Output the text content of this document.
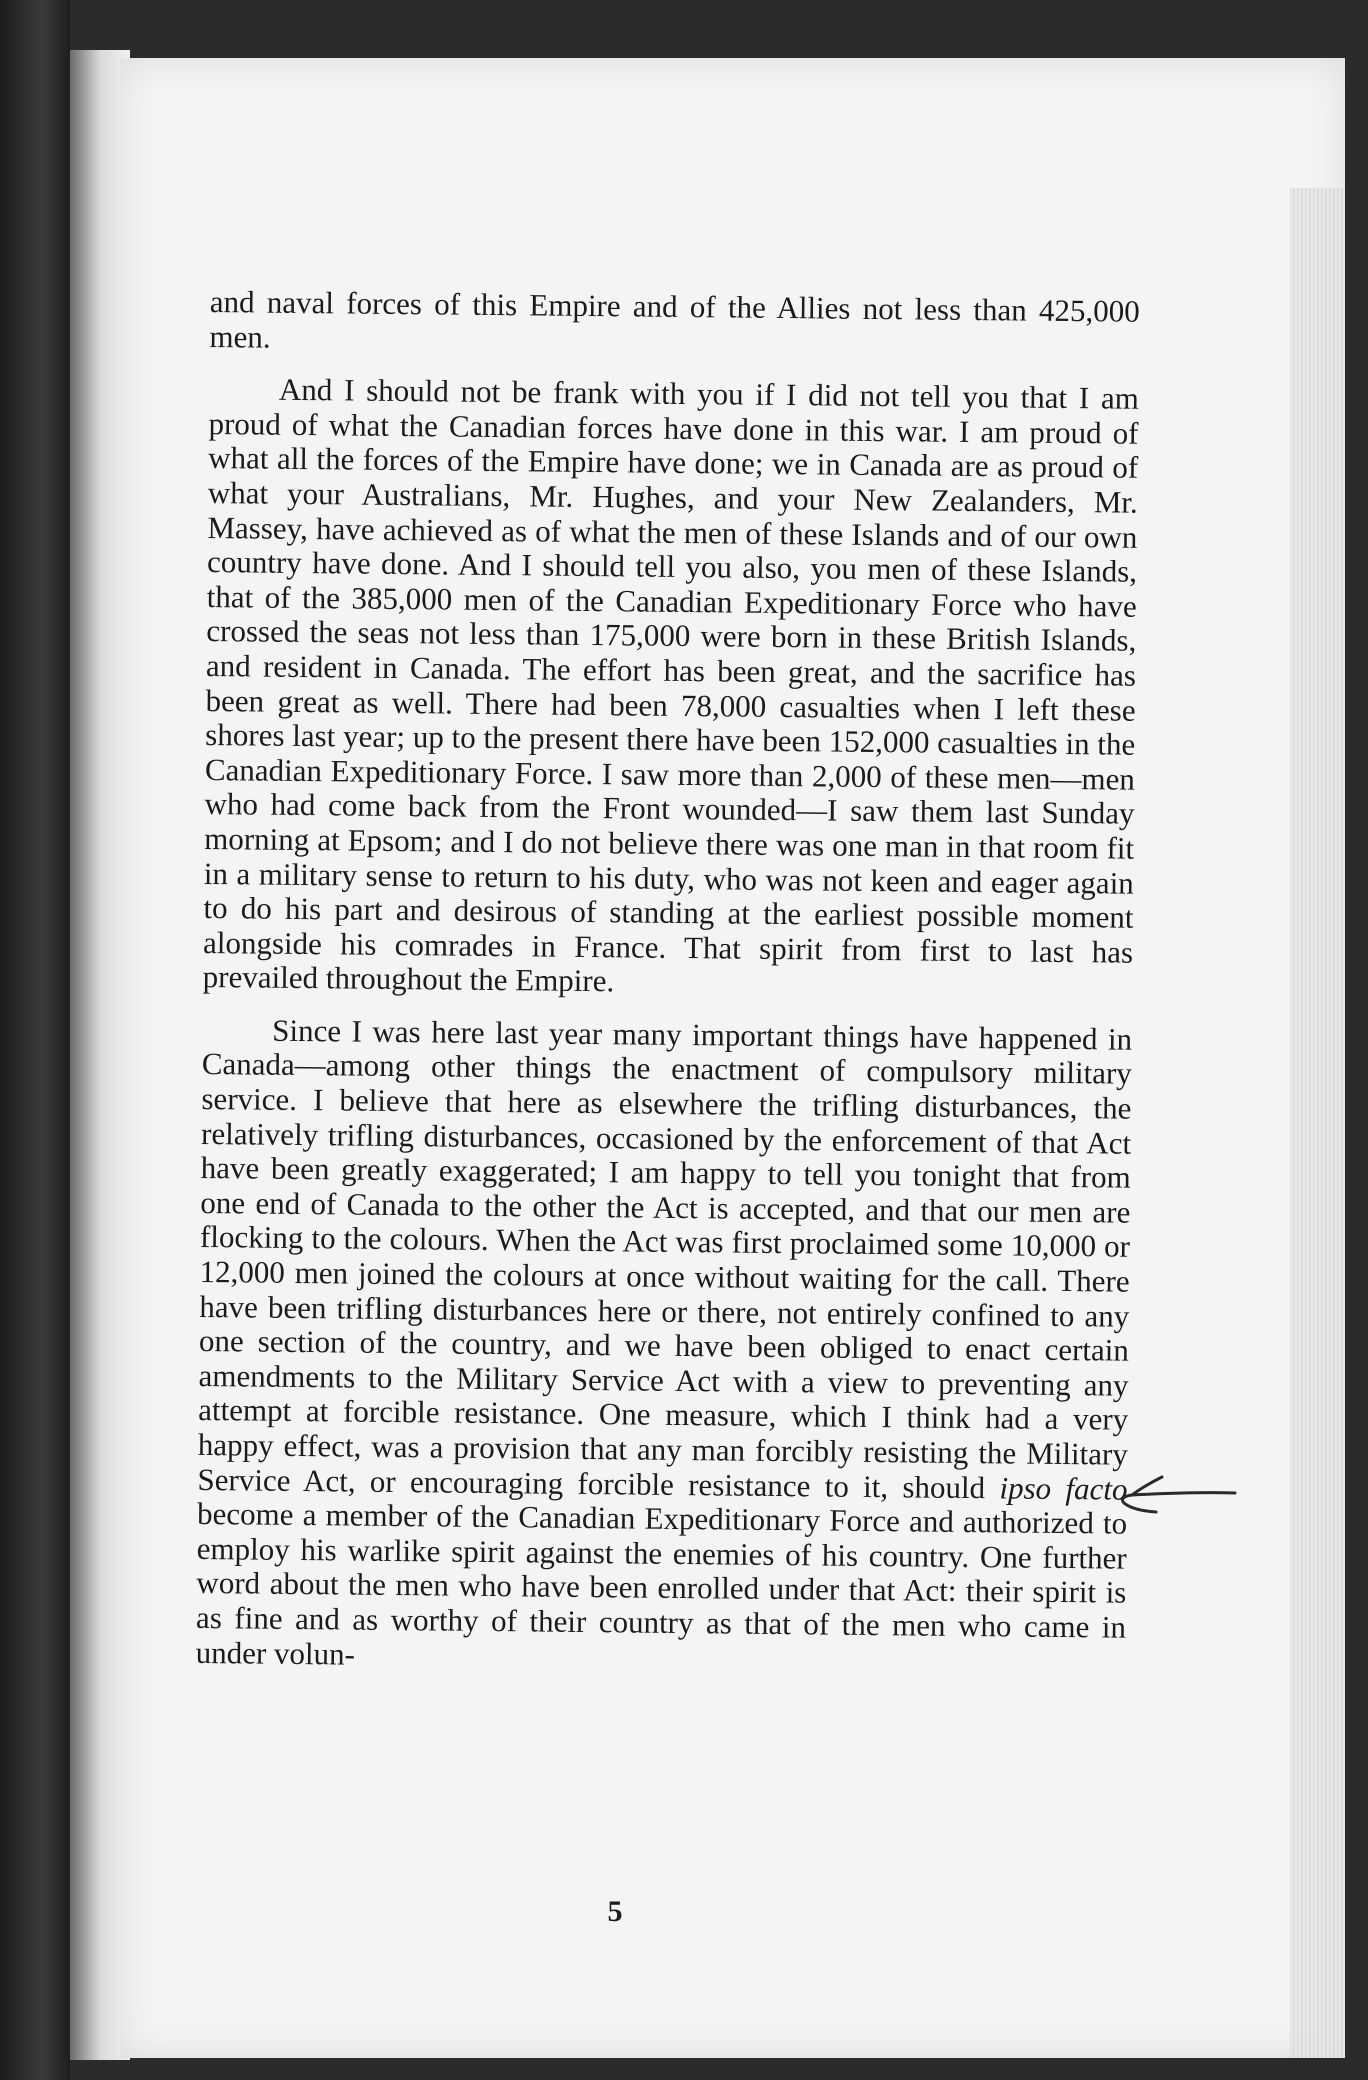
and naval forces of this Empire and of the Allies not less than 425,000 men.

And I should not be frank with you if I did not tell you that I am proud of what the Canadian forces have done in this war. I am proud of what all the forces of the Empire have done; we in Canada are as proud of what your Australians, Mr. Hughes, and your New Zealanders, Mr. Massey, have achieved as of what the men of these Islands and of our own country have done. And I should tell you also, you men of these Islands, that of the 385,000 men of the Canadian Expeditionary Force who have crossed the seas not less than 175,000 were born in these British Islands, and resident in Canada. The effort has been great, and the sacrifice has been great as well. There had been 78,000 casualties when I left these shores last year; up to the present there have been 152,000 casualties in the Canadian Expeditionary Force. I saw more than 2,000 of these men—men who had come back from the Front wounded—I saw them last Sunday morning at Epsom; and I do not believe there was one man in that room fit in a military sense to return to his duty, who was not keen and eager again to do his part and desirous of standing at the earliest possible moment alongside his comrades in France. That spirit from first to last has prevailed throughout the Empire.

Since I was here last year many important things have happened in Canada—among other things the enactment of compulsory military service. I believe that here as elsewhere the trifling disturbances, the relatively trifling disturbances, occasioned by the enforcement of that Act have been greatly exaggerated; I am happy to tell you tonight that from one end of Canada to the other the Act is accepted, and that our men are flocking to the colours. When the Act was first proclaimed some 10,000 or 12,000 men joined the colours at once without waiting for the call. There have been trifling disturbances here or there, not entirely confined to any one section of the country, and we have been obliged to enact certain amendments to the Military Service Act with a view to preventing any attempt at forcible resistance. One measure, which I think had a very happy effect, was a provision that any man forcibly resisting the Military Service Act, or encouraging forcible resistance to it, should ipso facto become a member of the Canadian Expeditionary Force and authorized to employ his warlike spirit against the enemies of his country. One further word about the men who have been enrolled under that Act: their spirit is as fine and as worthy of their country as that of the men who came in under volun-

5
